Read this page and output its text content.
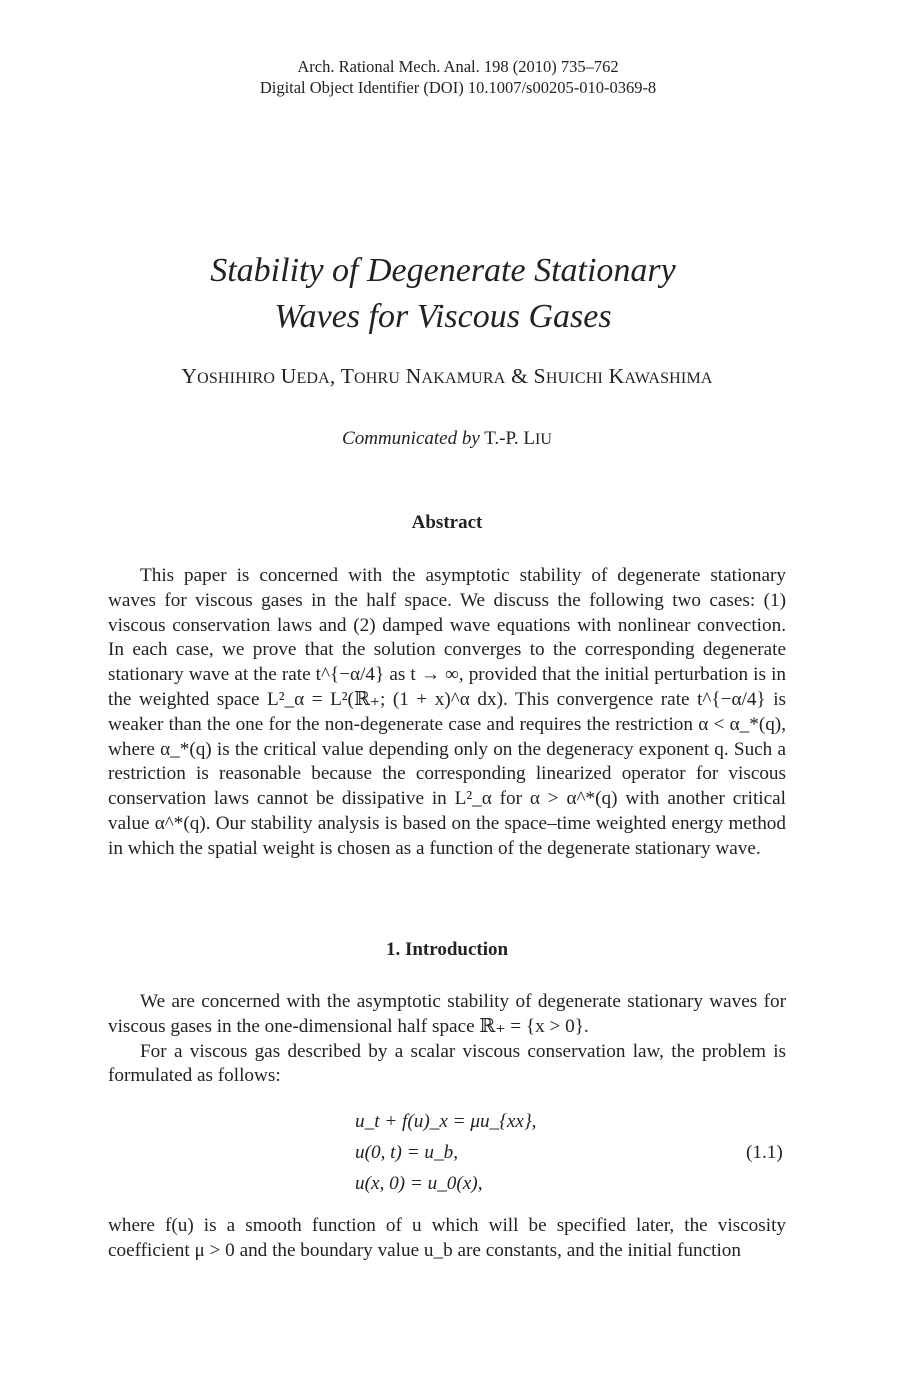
Arch. Rational Mech. Anal. 198 (2010) 735–762
Digital Object Identifier (DOI) 10.1007/s00205-010-0369-8
Stability of Degenerate Stationary
Waves for Viscous Gases
YOSHIHIRO UEDA, TOHRU NAKAMURA & SHUICHI KAWASHIMA
Communicated by T.-P. LIU
Abstract

This paper is concerned with the asymptotic stability of degenerate stationary waves for viscous gases in the half space. We discuss the following two cases: (1) viscous conservation laws and (2) damped wave equations with nonlinear convection. In each case, we prove that the solution converges to the corresponding degenerate stationary wave at the rate t^{−α/4} as t → ∞, provided that the initial perturbation is in the weighted space L²_α = L²(ℝ₊; (1 + x)^α dx). This convergence rate t^{−α/4} is weaker than the one for the non-degenerate case and requires the restriction α < α_*(q), where α_*(q) is the critical value depending only on the degeneracy exponent q. Such a restriction is reasonable because the corresponding linearized operator for viscous conservation laws cannot be dissipative in L²_α for α > α^*(q) with another critical value α^*(q). Our stability analysis is based on the space–time weighted energy method in which the spatial weight is chosen as a function of the degenerate stationary wave.

1. Introduction

We are concerned with the asymptotic stability of degenerate stationary waves for viscous gases in the one-dimensional half space ℝ₊ = {x > 0}.

For a viscous gas described by a scalar viscous conservation law, the problem is formulated as follows:

u_t + f(u)_x = μu_{xx},
u(0, t) = u_b,
u(x, 0) = u_0(x),
(1.1)

where f(u) is a smooth function of u which will be specified later, the viscosity coefficient μ > 0 and the boundary value u_b are constants, and the initial function
